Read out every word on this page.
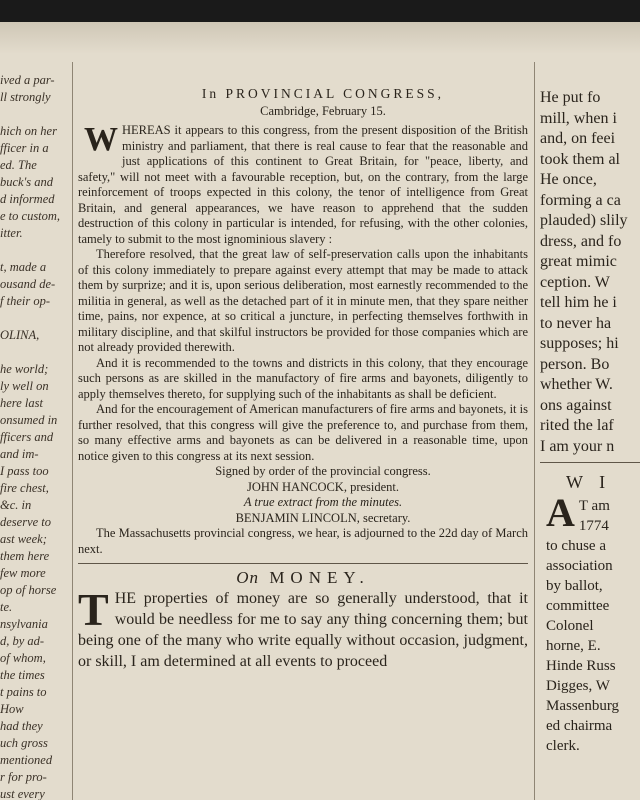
ived a par-
ll strongly
hich on her
fficer in a
ed. The
buck's and
d informed
e to custom,
itter.
t, made a
ousand de-
f their op-
OLINA,
he world;
ly well on
here last
onsumed in
fficers and
and im-
I pass too
fire chest,
&c. in
deserve to
ast week;
them here
few more
op of horse
te.
nsylvania
d, by ad-
of whom,
the times
t pains to
How
had they
uch gross
mentioned
r for pro-
ust every
In PROVINCIAL CONGRESS,
Cambridge, February 15.

WHEREAS it appears to this congress, from the present disposition of the British ministry and parliament, that there is real cause to fear that the reasonable and just applications of this continent to Great Britain, for "peace, liberty, and safety," will not meet with a favourable reception, but, on the contrary, from the large reinforcement of troops expected in this colony, the tenor of intelligence from Great Britain, and general appearances, we have reason to apprehend that the sudden destruction of this colony in particular is intended, for refusing, with the other colonies, tamely to submit to the most ignominious slavery :

Therefore resolved, that the great law of self-preservation calls upon the inhabitants of this colony immediately to prepare against every attempt that may be made to attack them by surprize; and it is, upon serious deliberation, most earnestly recommended to the militia in general, as well as the detached part of it in minute men, that they spare neither time, pains, nor expence, at so critical a juncture, in perfecting themselves forthwith in military discipline, and that skilful instructors be provided for those companies which are not already provided therewith.

And it is recommended to the towns and districts in this colony, that they encourage such persons as are skilled in the manufactory of fire arms and bayonets, diligently to apply themselves thereto, for supplying such of the inhabitants as shall be deficient.

And for the encouragement of American manufacturers of fire arms and bayonets, it is further resolved, that this congress will give the preference to, and purchase from them, so many effective arms and bayonets as can be delivered in a reasonable time, upon notice given to this congress at its next session.

Signed by order of the provincial congress.

JOHN HANCOCK, president.

A true extract from the minutes.

BENJAMIN LINCOLN, secretary.

The Massachusetts provincial congress, we hear, is adjourned to the 22d day of March next.

On MONEY.

THE properties of money are so generally understood, that it would be needless for me to say any thing concerning them; but being one of the many who write equally without occasion, judgment, or skill, I am determined at all events to proceed

He put fo
mill, when i
and, on feei
took them al
He once,
forming a ca
plauded) slily
dress, and fo
great mimic
ception. W
tell him he i
to never ha
supposes; hi
person. Bo
whether W.
ons against
rited the laf
I am your n
W I
A T am
1774
to chuse a
association
by ballot,
committee
Colonel
horne, E.
Hinde Russ
Digges, W
Massenburg
ed chairma
clerk.
